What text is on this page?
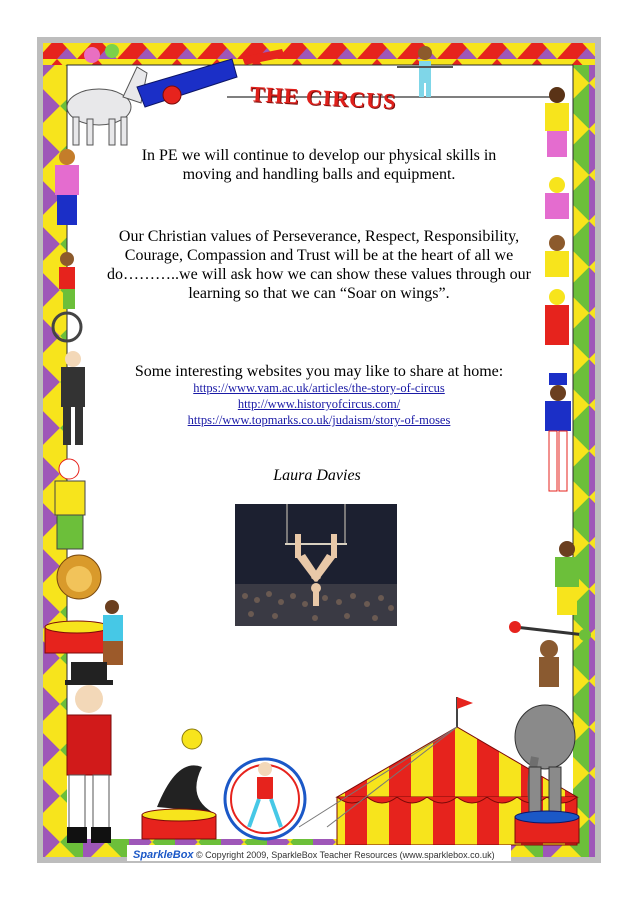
THE CIRCUS
In PE we will continue to develop our physical skills in moving and handling balls and equipment.
Our Christian values of Perseverance, Respect, Responsibility, Courage, Compassion and Trust will be at the heart of all we do………..we will ask how we can show these values through our learning so that we can “Soar on wings”.
Some interesting websites you may like to share at home:
https://www.vam.ac.uk/articles/the-story-of-circus
http://www.historyofcircus.com/
https://www.topmarks.co.uk/judaism/story-of-moses
Laura Davies
SparkleBox © Copyright 2009, SparkleBox Teacher Resources (www.sparklebox.co.uk)
